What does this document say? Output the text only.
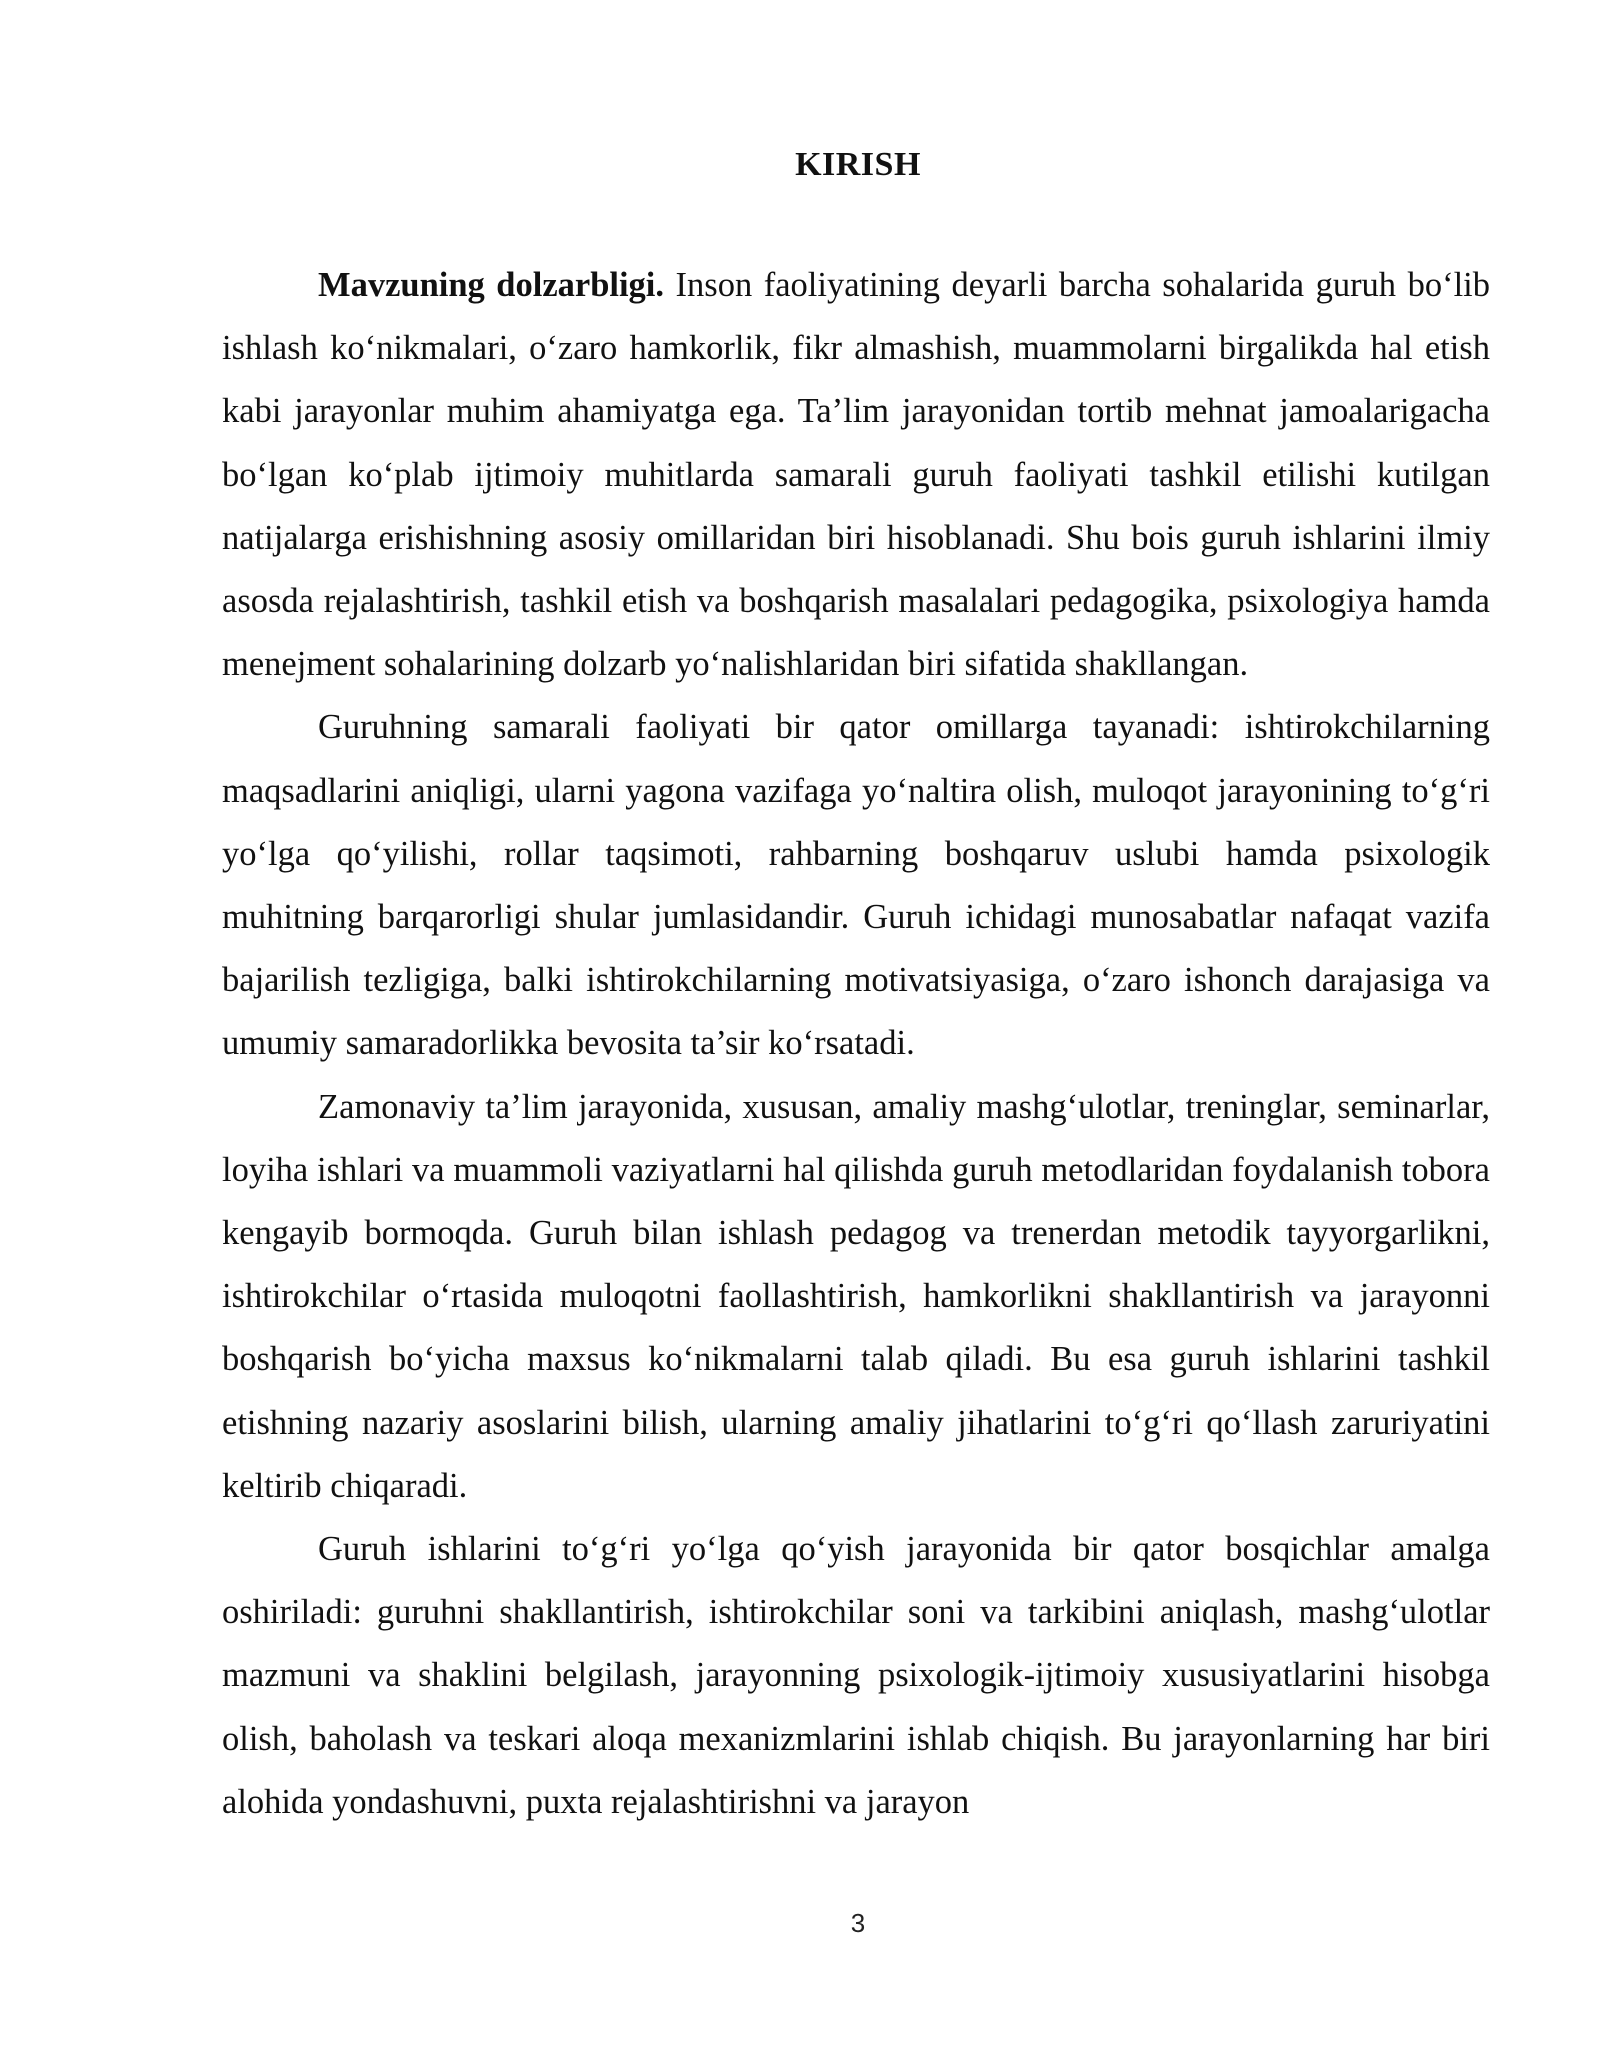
KIRISH

Mavzuning dolzarbligi. Inson faoliyatining deyarli barcha sohalarida guruh bo‘lib ishlash ko‘nikmalari, o‘zaro hamkorlik, fikr almashish, muammolarni birgalikda hal etish kabi jarayonlar muhim ahamiyatga ega. Ta’lim jarayonidan tortib mehnat jamoalarigacha bo‘lgan ko‘plab ijtimoiy muhitlarda samarali guruh faoliyati tashkil etilishi kutilgan natijalarga erishishning asosiy omillaridan biri hisoblanadi. Shu bois guruh ishlarini ilmiy asosda rejalashtirish, tashkil etish va boshqarish masalalari pedagogika, psixologiya hamda menejment sohalarining dolzarb yo‘nalishlaridan biri sifatida shakllangan.

Guruhning samarali faoliyati bir qator omillarga tayanadi: ishtirokchilarning maqsadlarini aniqligi, ularni yagona vazifaga yo‘naltira olish, muloqot jarayonining to‘g‘ri yo‘lga qo‘yilishi, rollar taqsimoti, rahbarning boshqaruv uslubi hamda psixologik muhitning barqarorligi shular jumlasidandir. Guruh ichidagi munosabatlar nafaqat vazifa bajarilish tezligiga, balki ishtirokchilarning motivatsiyasiga, o‘zaro ishonch darajasiga va umumiy samaradorlikka bevosita ta’sir ko‘rsatadi.

Zamonaviy ta’lim jarayonida, xususan, amaliy mashg‘ulotlar, treninglar, seminarlar, loyiha ishlari va muammoli vaziyatlarni hal qilishda guruh metodlaridan foydalanish tobora kengayib bormoqda. Guruh bilan ishlash pedagog va trenerdan metodik tayyorgarlikni, ishtirokchilar o‘rtasida muloqotni faollashtirish, hamkorlikni shakllantirish va jarayonni boshqarish bo‘yicha maxsus ko‘nikmalarni talab qiladi. Bu esa guruh ishlarini tashkil etishning nazariy asoslarini bilish, ularning amaliy jihatlarini to‘g‘ri qo‘llash zaruriyatini keltirib chiqaradi.

Guruh ishlarini to‘g‘ri yo‘lga qo‘yish jarayonida bir qator bosqichlar amalga oshiriladi: guruhni shakllantirish, ishtirokchilar soni va tarkibini aniqlash, mashg‘ulotlar mazmuni va shaklini belgilash, jarayonning psixologik-ijtimoiy xususiyatlarini hisobga olish, baholash va teskari aloqa mexanizmlarini ishlab chiqish. Bu jarayonlarning har biri alohida yondashuvni, puxta rejalashtirishni va jarayon

3
